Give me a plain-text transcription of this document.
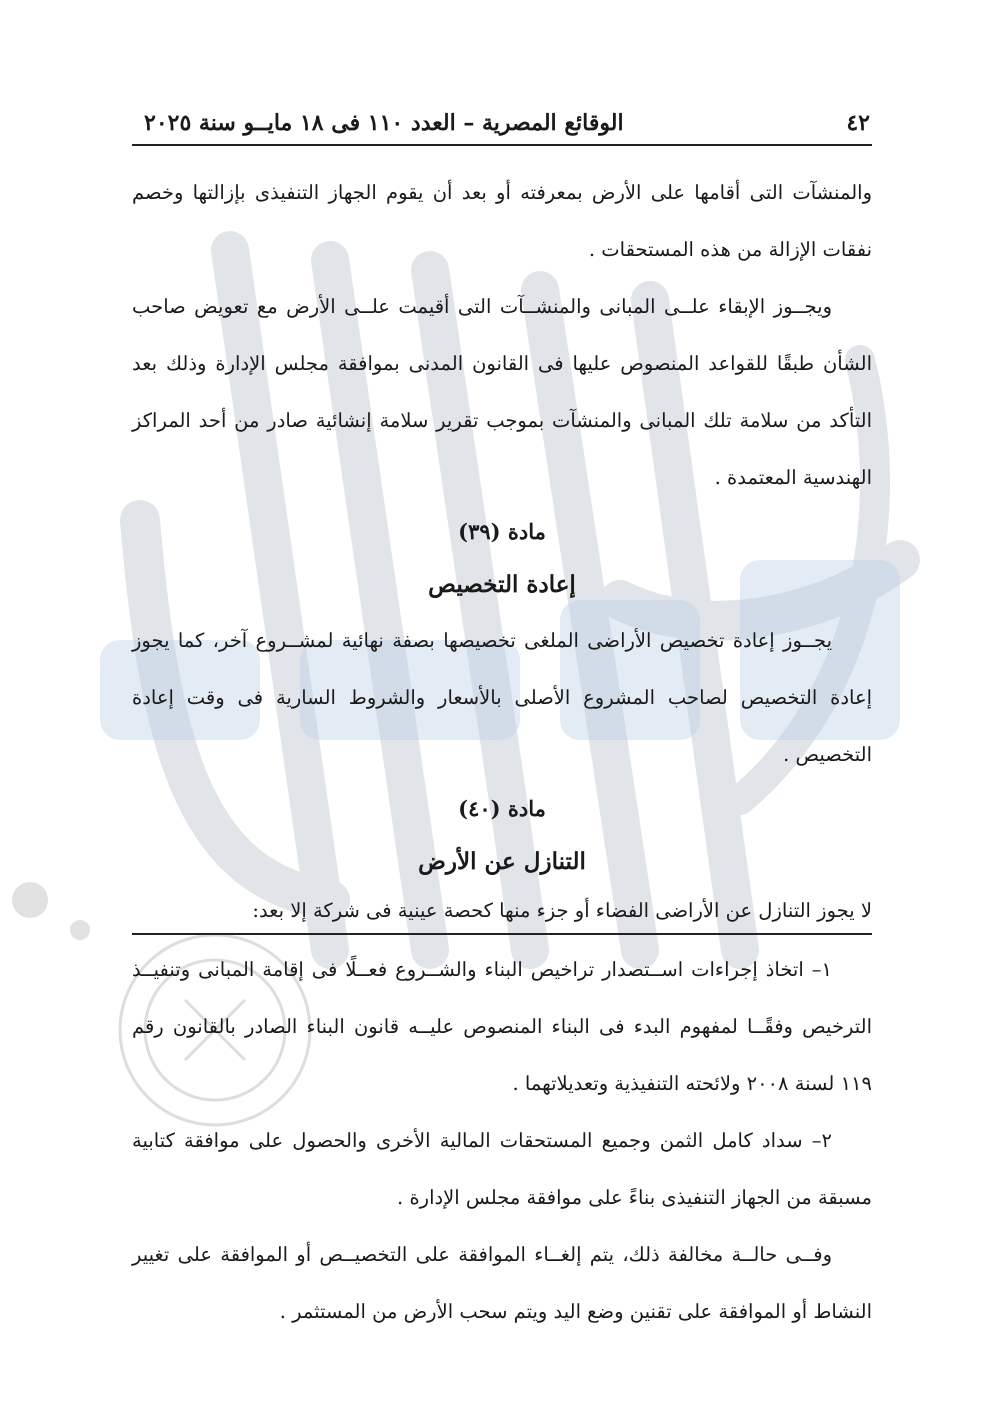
٤٢
الوقائع المصرية – العدد ١١٠ فى ١٨ مايــو سنة ٢٠٢٥

والمنشآت التى أقامها على الأرض بمعرفته أو بعد أن يقوم الجهاز التنفيذى بإزالتها وخصم نفقات الإزالة من هذه المستحقات .

ويجــوز الإبقاء علــى المبانى والمنشــآت التى أقيمت علــى الأرض مع تعويض صاحب الشأن طبقًا للقواعد المنصوص عليها فى القانون المدنى بموافقة مجلس الإدارة وذلك بعد التأكد من سلامة تلك المبانى والمنشآت بموجب تقرير سلامة إنشائية صادر من أحد المراكز الهندسية المعتمدة .

مادة (٣٩)
إعادة التخصيص

يجــوز إعادة تخصيص الأراضى الملغى تخصيصها بصفة نهائية لمشــروع آخر، كما يجوز إعادة التخصيص لصاحب المشروع الأصلى بالأسعار والشروط السارية فى وقت إعادة التخصيص .

مادة (٤٠)
التنازل عن الأرض

لا يجوز التنازل عن الأراضى الفضاء أو جزء منها كحصة عينية فى شركة إلا بعد:

١– اتخاذ إجراءات اســتصدار تراخيص البناء والشــروع فعــلًا فى إقامة المبانى وتنفيــذ الترخيص وفقًــا لمفهوم البدء فى البناء المنصوص عليــه قانون البناء الصادر بالقانون رقم ١١٩ لسنة ٢٠٠٨ ولائحته التنفيذية وتعديلاتهما .

٢– سداد كامل الثمن وجميع المستحقات المالية الأخرى والحصول على موافقة كتابية مسبقة من الجهاز التنفيذى بناءً على موافقة مجلس الإدارة .

وفــى حالــة مخالفة ذلك، يتم إلغــاء الموافقة على التخصيــص أو الموافقة على تغيير النشاط أو الموافقة على تقنين وضع اليد ويتم سحب الأرض من المستثمر .
